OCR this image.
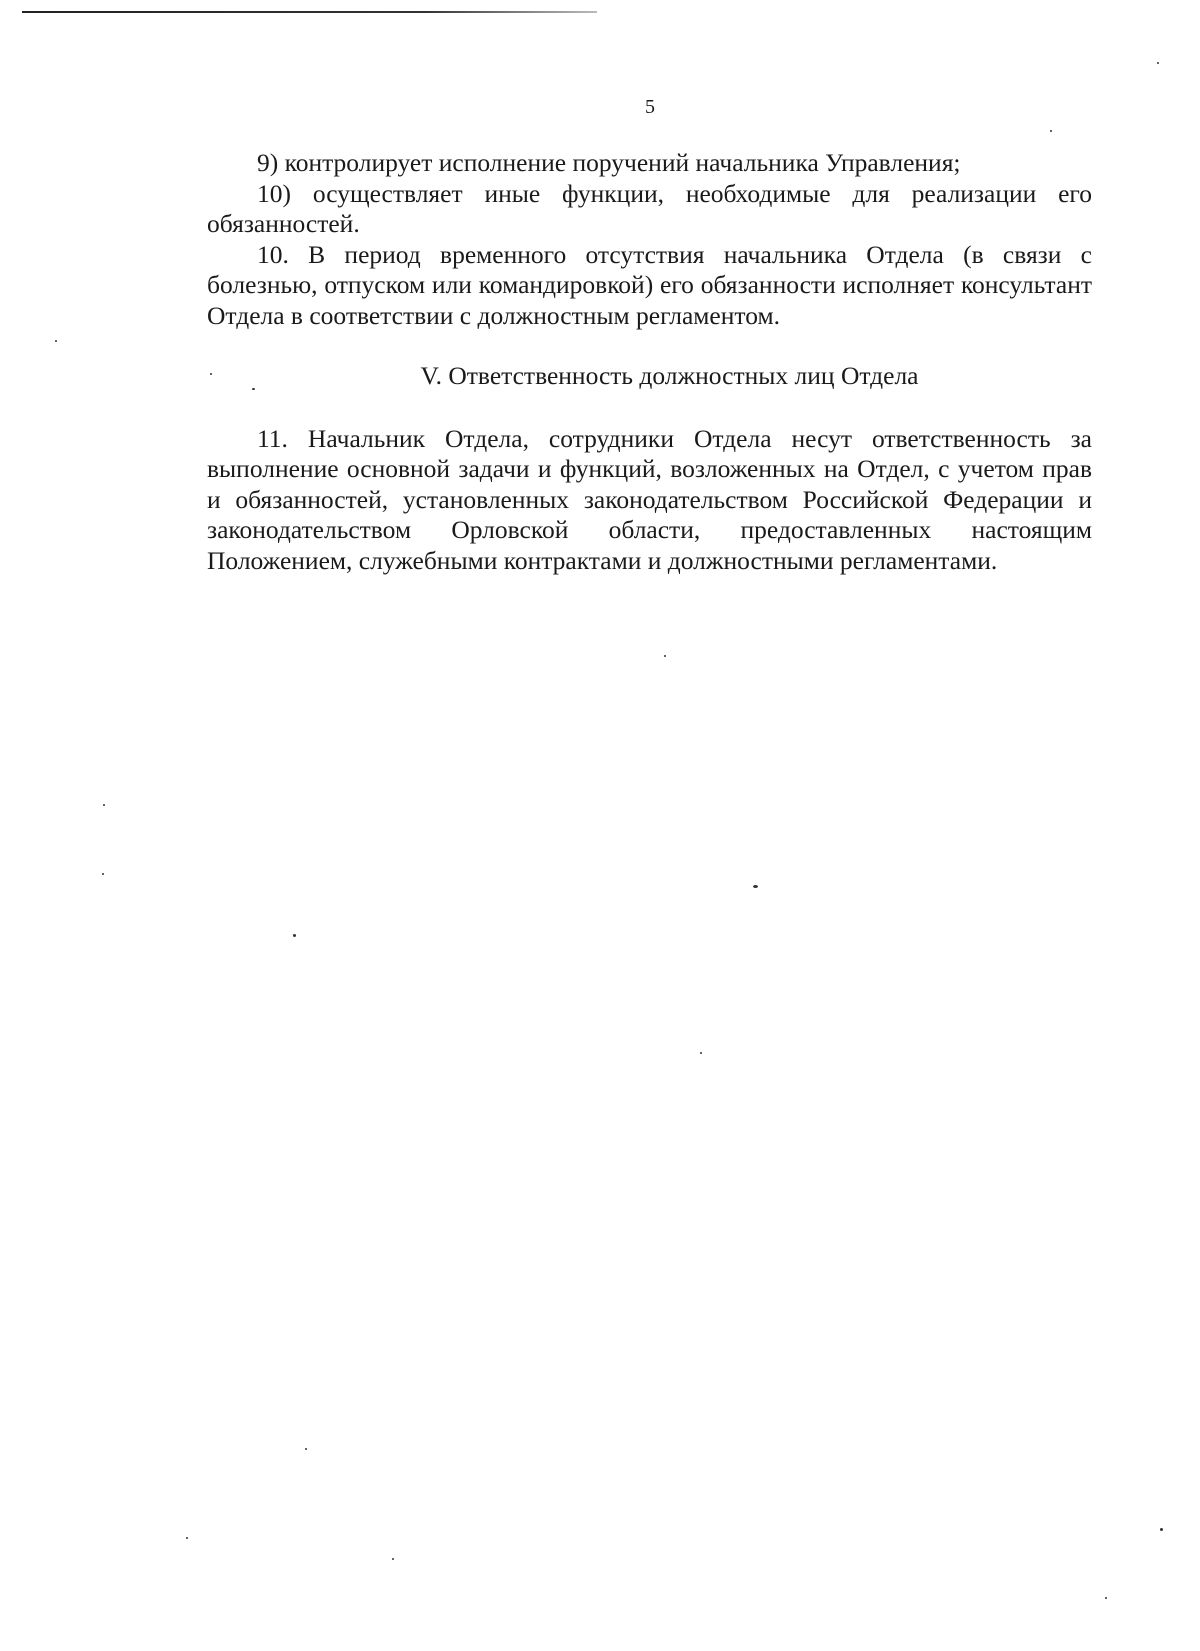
5

9) контролирует исполнение поручений начальника Управления;

10) осуществляет иные функции, необходимые для реализации его обязанностей.

10. В период временного отсутствия начальника Отдела (в связи с болезнью, отпуском или командировкой) его обязанности исполняет консультант Отдела в соответствии с должностным регламентом.

V. Ответственность должностных лиц Отдела

11. Начальник Отдела, сотрудники Отдела несут ответственность за выполнение основной задачи и функций, возложенных на Отдел, с учетом прав и обязанностей, установленных законодательством Российской Федерации и законодательством Орловской области, предоставленных настоящим Положением, служебными контрактами и должностными регламентами.
